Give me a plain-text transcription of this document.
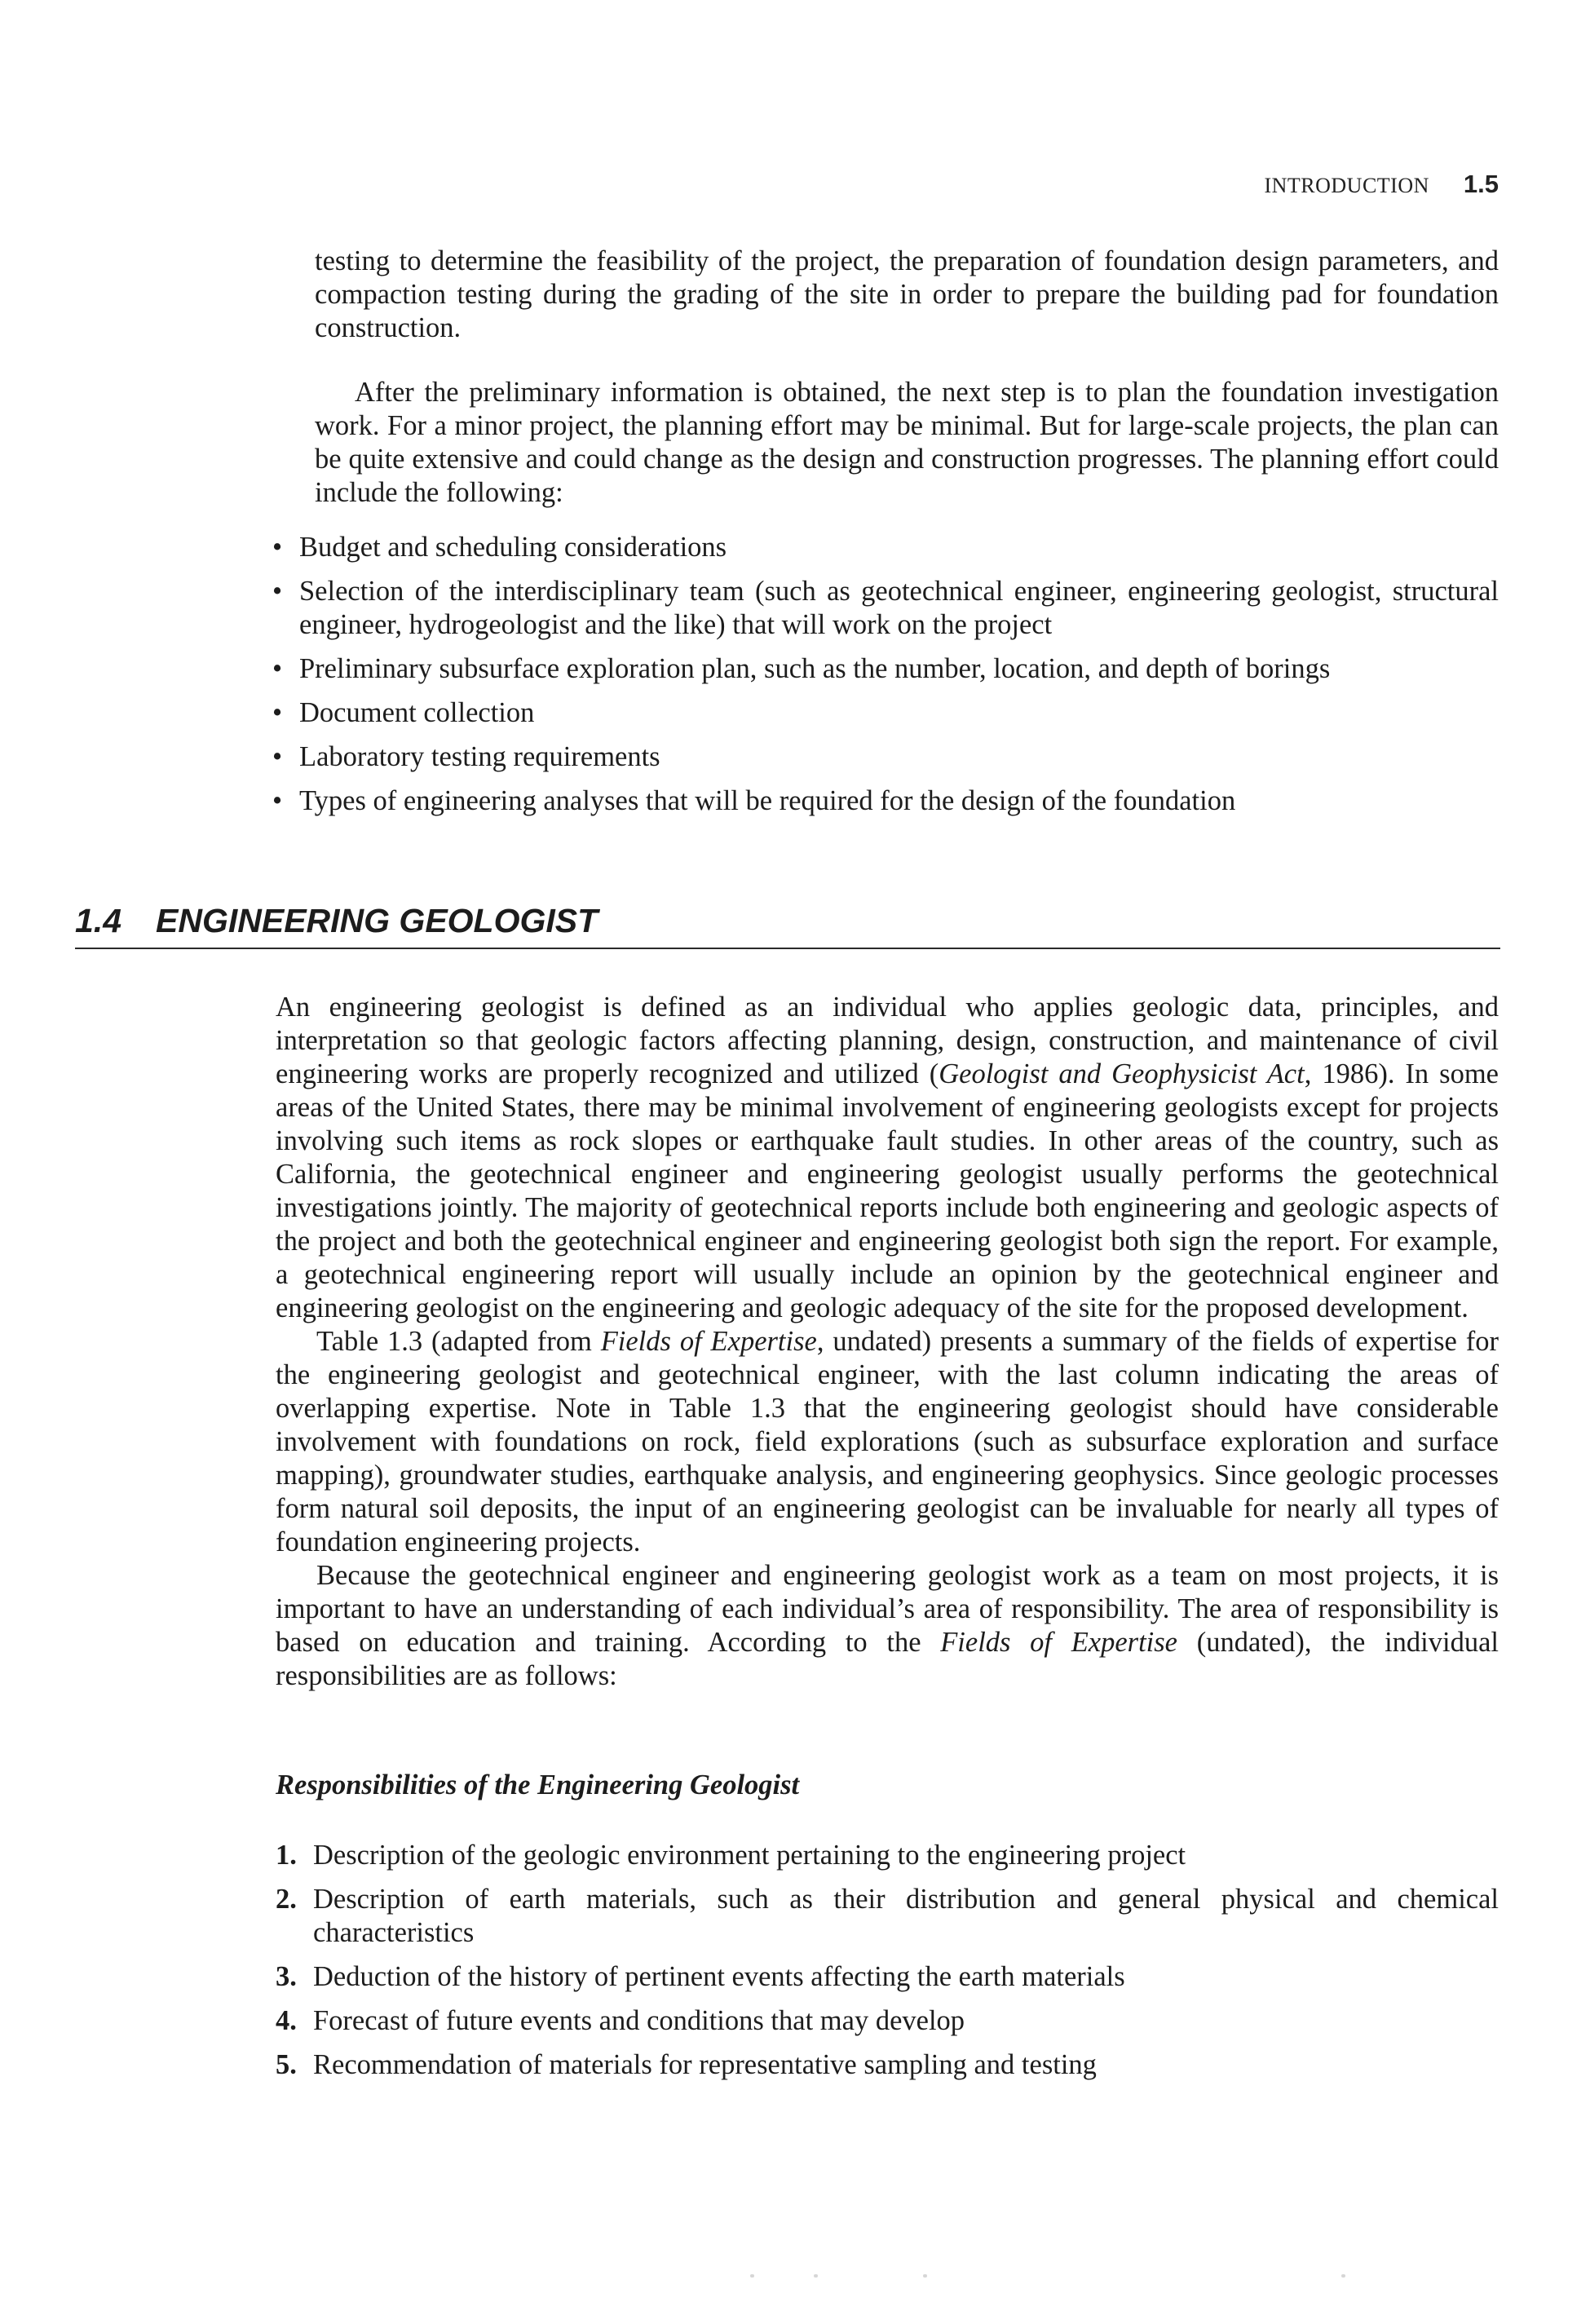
INTRODUCTION 1.5

testing to determine the feasibility of the project, the preparation of foundation design parameters, and compaction testing during the grading of the site in order to prepare the building pad for foundation construction.

After the preliminary information is obtained, the next step is to plan the foundation investigation work. For a minor project, the planning effort may be minimal. But for large-scale projects, the plan can be quite extensive and could change as the design and construction progresses. The planning effort could include the following:

• Budget and scheduling considerations
• Selection of the interdisciplinary team (such as geotechnical engineer, engineering geologist, structural engineer, hydrogeologist and the like) that will work on the project
• Preliminary subsurface exploration plan, such as the number, location, and depth of borings
• Document collection
• Laboratory testing requirements
• Types of engineering analyses that will be required for the design of the foundation
1.4 ENGINEERING GEOLOGIST

An engineering geologist is defined as an individual who applies geologic data, principles, and interpretation so that geologic factors affecting planning, design, construction, and maintenance of civil engineering works are properly recognized and utilized (Geologist and Geophysicist Act, 1986). In some areas of the United States, there may be minimal involvement of engineering geologists except for projects involving such items as rock slopes or earthquake fault studies. In other areas of the country, such as California, the geotechnical engineer and engineering geologist usually performs the geotechnical investigations jointly. The majority of geotechnical reports include both engineering and geologic aspects of the project and both the geotechnical engineer and engineering geologist both sign the report. For example, a geotechnical engineering report will usually include an opinion by the geotechnical engineer and engineering geologist on the engineering and geologic adequacy of the site for the proposed development.

Table 1.3 (adapted from Fields of Expertise, undated) presents a summary of the fields of expertise for the engineering geologist and geotechnical engineer, with the last column indicating the areas of overlapping expertise. Note in Table 1.3 that the engineering geologist should have considerable involvement with foundations on rock, field explorations (such as subsurface exploration and surface mapping), groundwater studies, earthquake analysis, and engineering geophysics. Since geologic processes form natural soil deposits, the input of an engineering geologist can be invaluable for nearly all types of foundation engineering projects.

Because the geotechnical engineer and engineering geologist work as a team on most projects, it is important to have an understanding of each individual’s area of responsibility. The area of responsibility is based on education and training. According to the Fields of Expertise (undated), the individual responsibilities are as follows:

Responsibilities of the Engineering Geologist
1. Description of the geologic environment pertaining to the engineering project
2. Description of earth materials, such as their distribution and general physical and chemical characteristics
3. Deduction of the history of pertinent events affecting the earth materials
4. Forecast of future events and conditions that may develop
5. Recommendation of materials for representative sampling and testing
